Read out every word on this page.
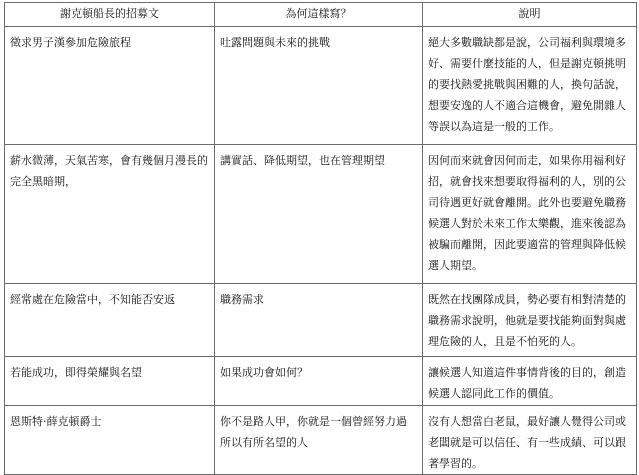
謝克頓船長的招募文	為何這樣寫？	說明
徵求男子漢參加危險旅程	吐露問題與未來的挑戰	絕大多數職缺都是說，公司福利與環境多好、需要什麼技能的人，但是謝克頓挑明的要找熱愛挑戰與困難的人，換句話說，想要安逸的人不適合這機會，避免閒雜人等誤以為這是一般的工作。
薪水微薄，天氣苦寒，會有幾個月漫長的完全黑暗期，	講實話、降低期望，也在管理期望	因何而來就會因何而走，如果你用福利好招，就會找來想要取得福利的人，別的公司待遇更好就會離開。此外也要避免職務候選人對於未來工作太樂觀，進來後認為被騙而離開，因此要適當的管理與降低候選人期望。
經常處在危險當中，不知能否安返	職務需求	既然在找團隊成員，勢必要有相對清楚的職務需求說明，他就是要找能夠面對與處理危險的人，且是不怕死的人。
若能成功，即得榮耀與名望	如果成功會如何？	讓候選人知道這件事情背後的目的，創造候選人認同此工作的價值。
恩斯特·薛克頓爵士	你不是路人甲，你就是一個曾經努力過所以有所名望的人	沒有人想當白老鼠，最好讓人覺得公司或老闆就是可以信任、有一些成績、可以跟著學習的。
